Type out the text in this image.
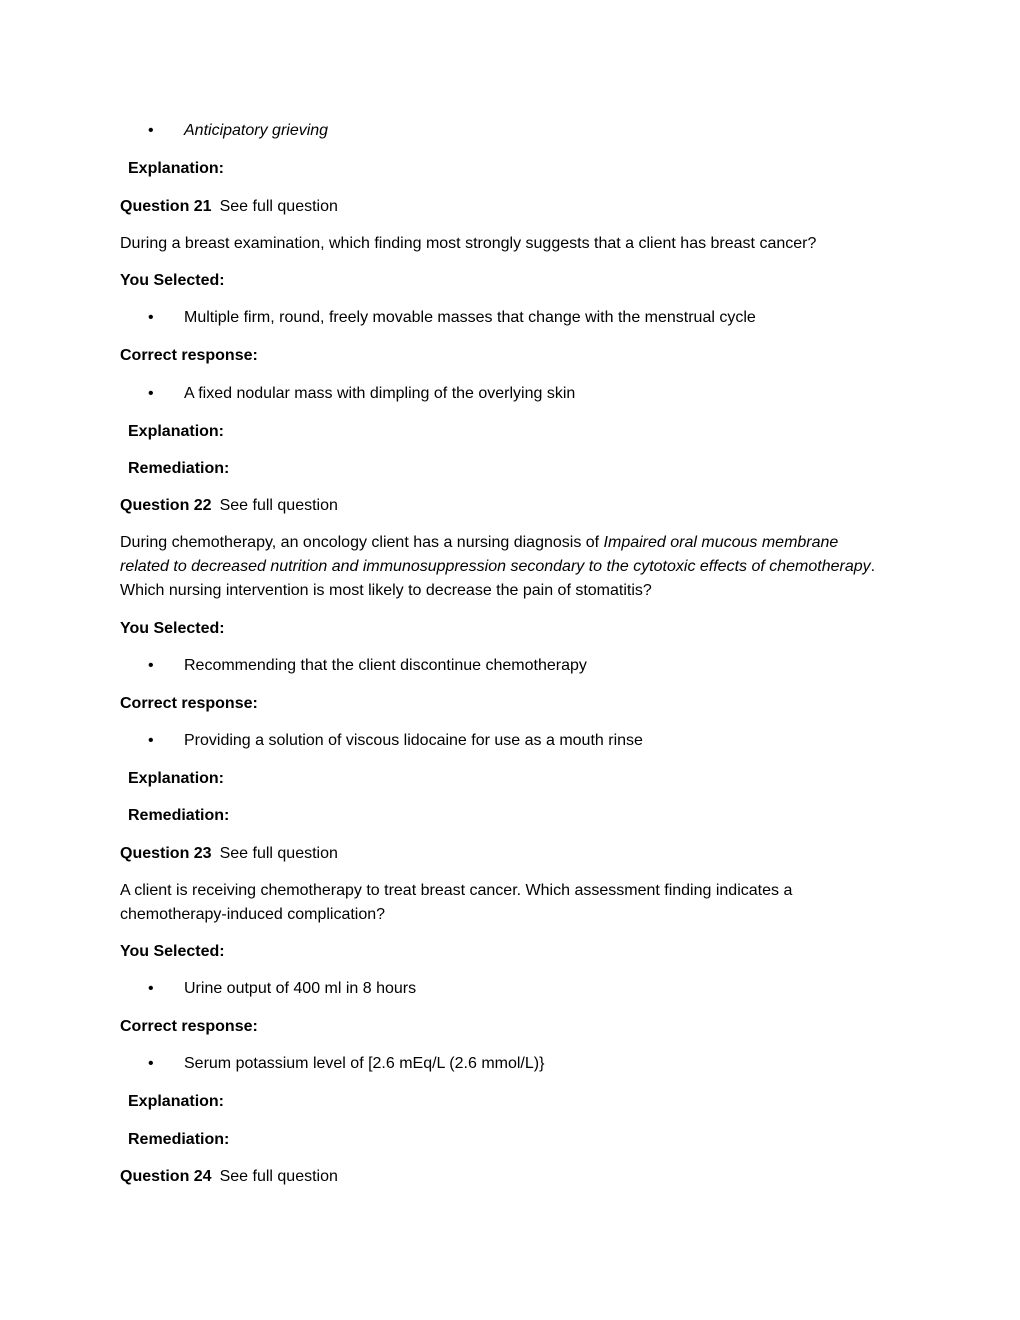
• Anticipatory grieving
Explanation:
Question 21 See full question
During a breast examination, which finding most strongly suggests that a client has breast cancer?
You Selected:
• Multiple firm, round, freely movable masses that change with the menstrual cycle
Correct response:
• A fixed nodular mass with dimpling of the overlying skin
Explanation:
Remediation:
Question 22 See full question
During chemotherapy, an oncology client has a nursing diagnosis of Impaired oral mucous membrane related to decreased nutrition and immunosuppression secondary to the cytotoxic effects of chemotherapy. Which nursing intervention is most likely to decrease the pain of stomatitis?
You Selected:
• Recommending that the client discontinue chemotherapy
Correct response:
• Providing a solution of viscous lidocaine for use as a mouth rinse
Explanation:
Remediation:
Question 23 See full question
A client is receiving chemotherapy to treat breast cancer. Which assessment finding indicates a chemotherapy-induced complication?
You Selected:
• Urine output of 400 ml in 8 hours
Correct response:
• Serum potassium level of [2.6 mEq/L (2.6 mmol/L)}
Explanation:
Remediation:
Question 24 See full question
